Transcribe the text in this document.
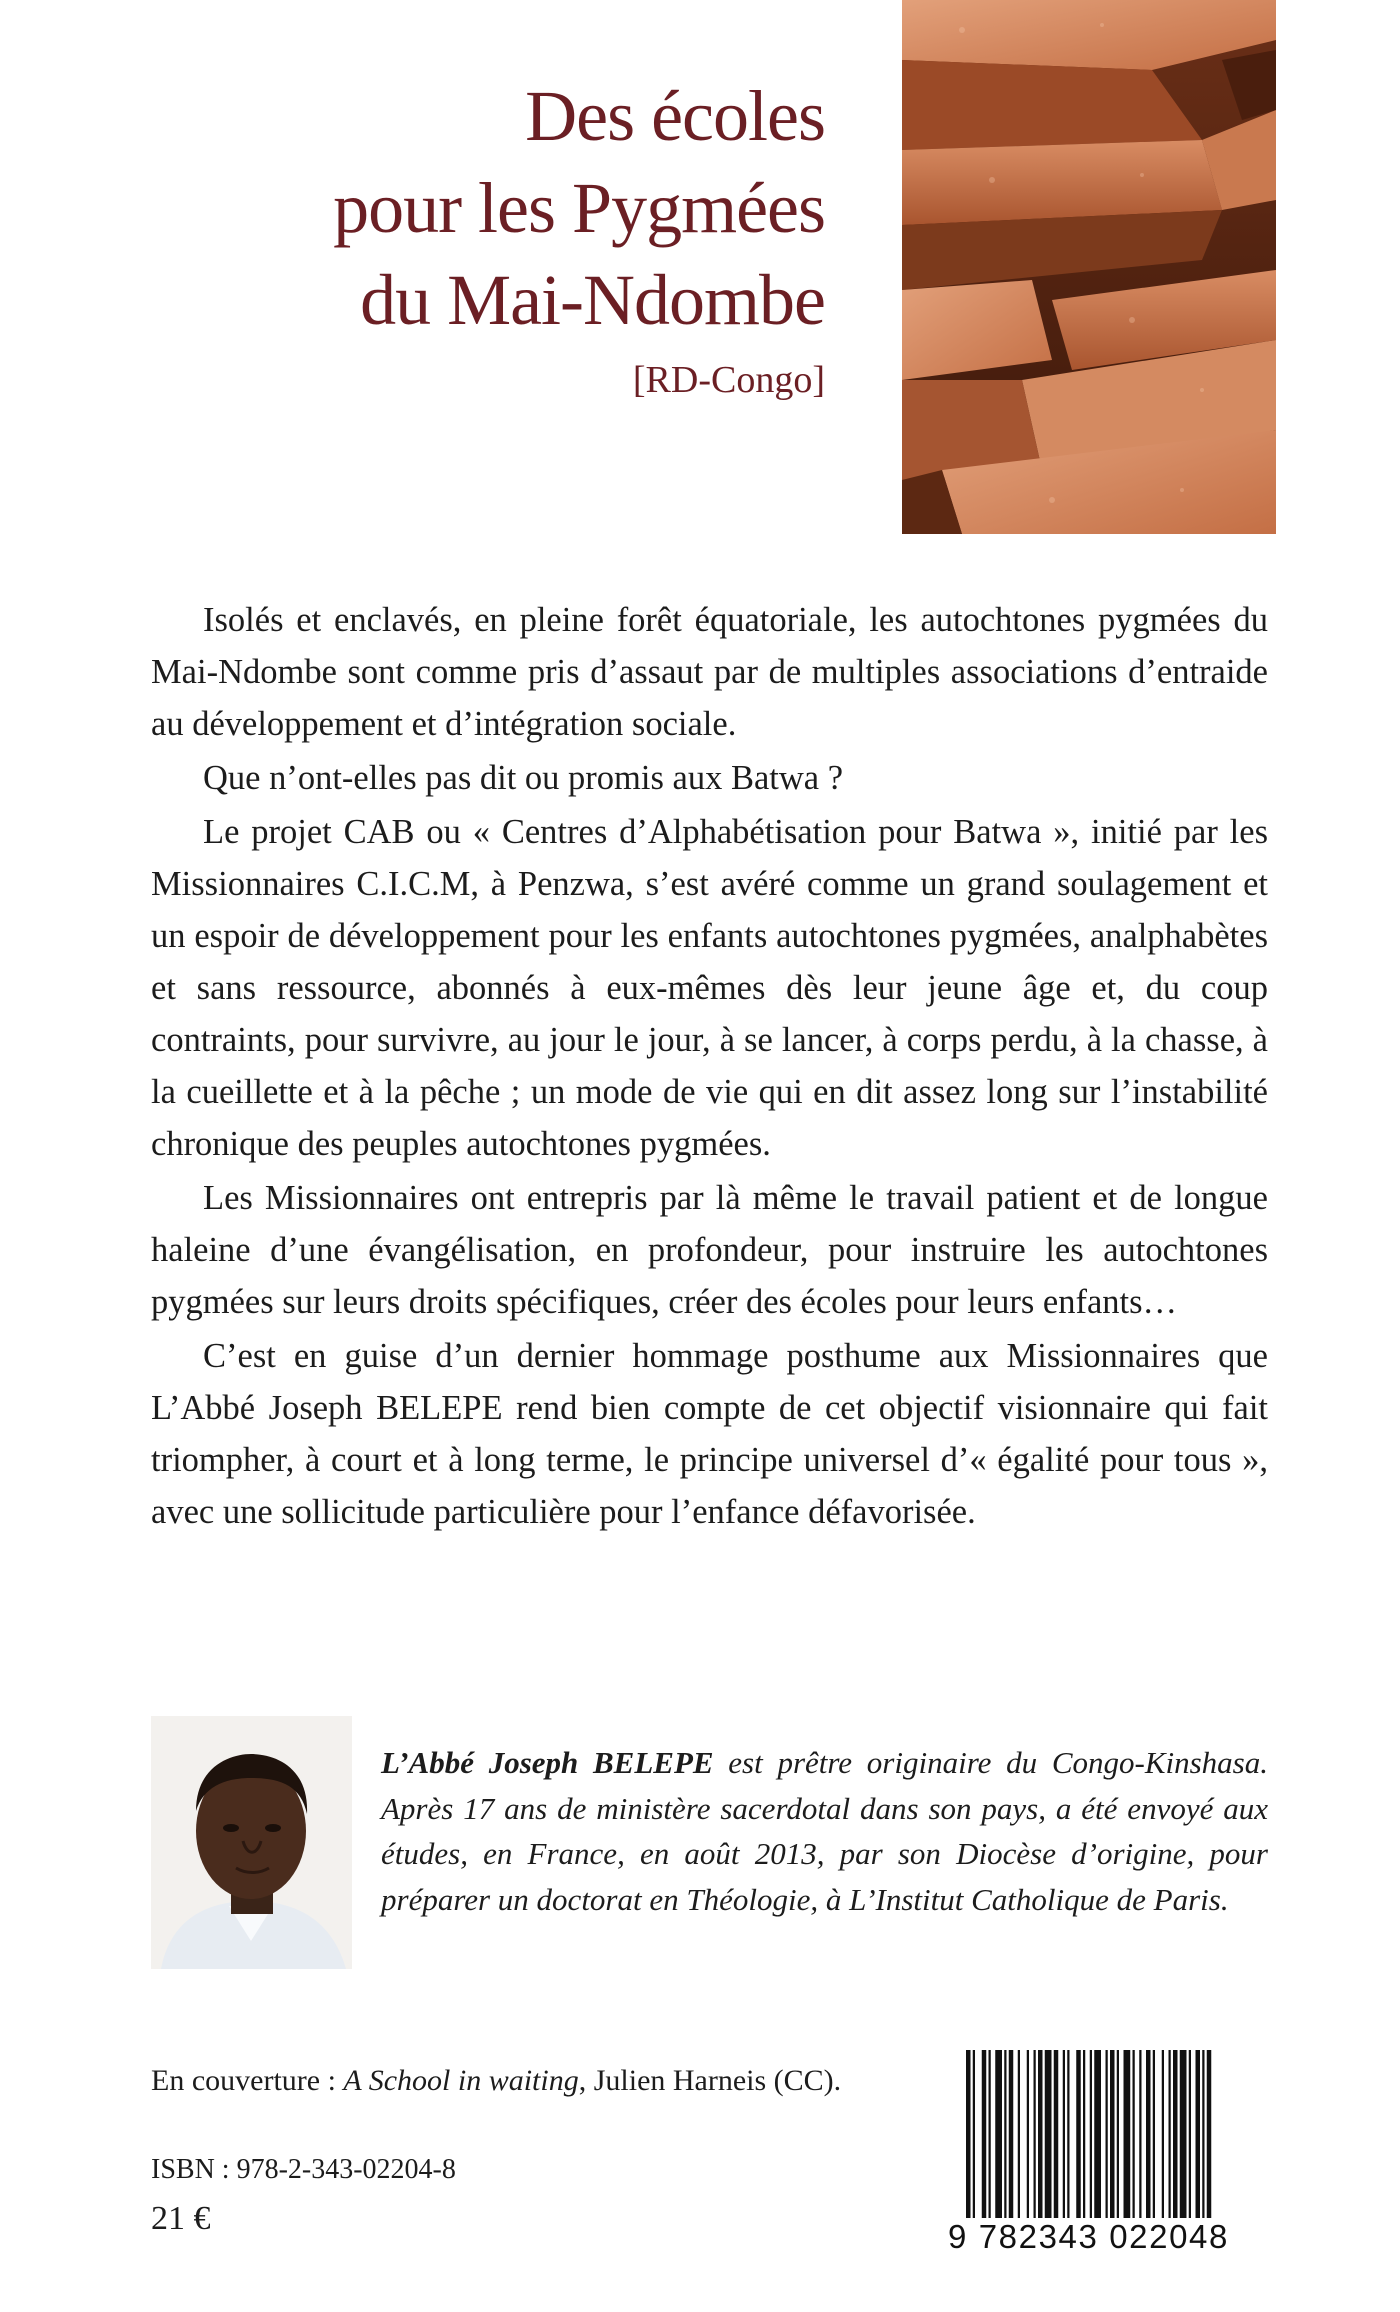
Des écoles
pour les Pygmées
du Mai-Ndombe
[RD-Congo]

Isolés et enclavés, en pleine forêt équatoriale, les autochtones pygmées du Mai-Ndombe sont comme pris d’assaut par de multiples associations d’entraide au développement et d’intégration sociale.

Que n’ont-elles pas dit ou promis aux Batwa ?

Le projet CAB ou « Centres d’Alphabétisation pour Batwa », initié par les Missionnaires C.I.C.M, à Penzwa, s’est avéré comme un grand soulagement et un espoir de développement pour les enfants autochtones pygmées, analphabètes et sans ressource, abonnés à eux-mêmes dès leur jeune âge et, du coup contraints, pour survivre, au jour le jour, à se lancer, à corps perdu, à la chasse, à la cueillette et à la pêche ; un mode de vie qui en dit assez long sur l’instabilité chronique des peuples autochtones pygmées.

Les Missionnaires ont entrepris par là même le travail patient et de longue haleine d’une évangélisation, en profondeur, pour instruire les autochtones pygmées sur leurs droits spécifiques, créer des écoles pour leurs enfants…

C’est en guise d’un dernier hommage posthume aux Missionnaires que L’Abbé Joseph BELEPE rend bien compte de cet objectif visionnaire qui fait triompher, à court et à long terme, le principe universel d’« égalité pour tous », avec une sollicitude particulière pour l’enfance défavorisée.

L’Abbé Joseph BELEPE est prêtre originaire du Congo-Kinshasa. Après 17 ans de ministère sacerdotal dans son pays, a été envoyé aux études, en France, en août 2013, par son Diocèse d’origine, pour préparer un doctorat en Théologie, à L’Institut Catholique de Paris.
En couverture : A School in waiting, Julien Harneis (CC).
ISBN : 978-2-343-02204-8
21 €	9 782343 022048
